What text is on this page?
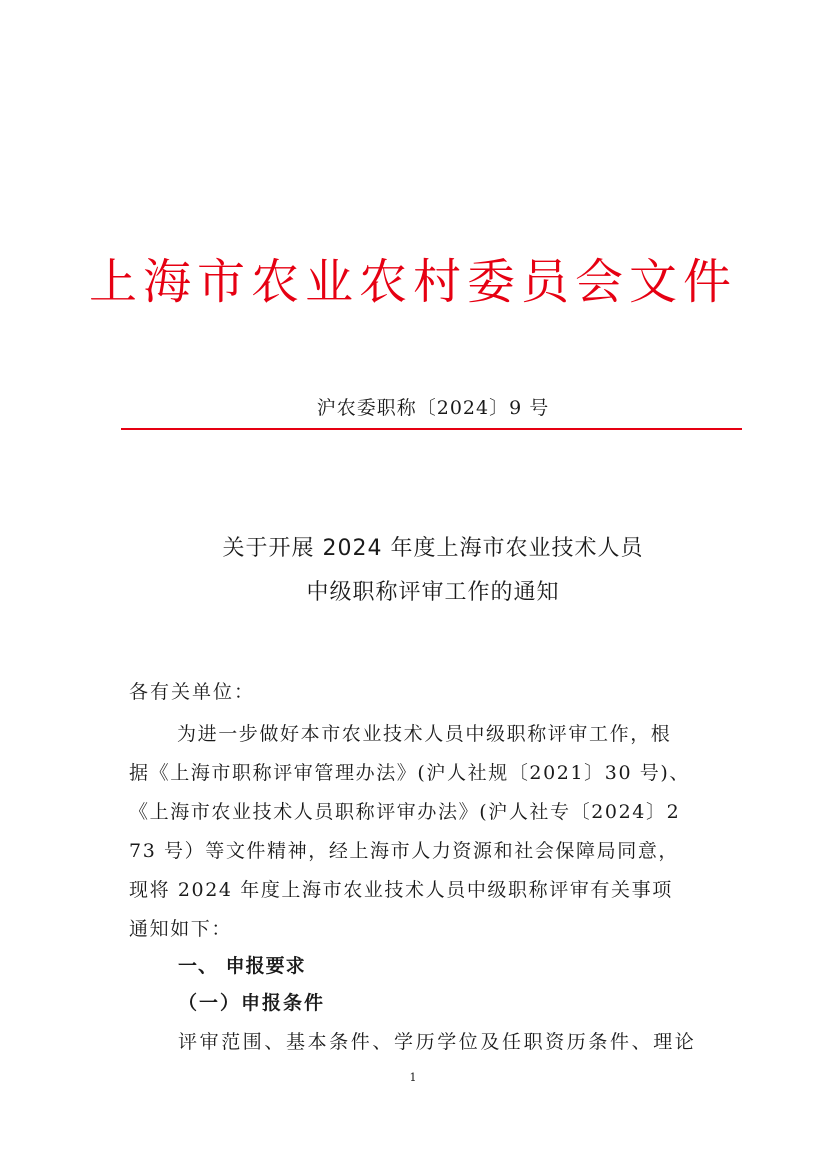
上海市农业农村委员会文件
沪农委职称〔2024〕9 号
关于开展 2024 年度上海市农业技术人员
中级职称评审工作的通知
各有关单位：
为进一步做好本市农业技术人员中级职称评审工作，根
据《上海市职称评审管理办法》(沪人社规〔2021〕30 号)、
《上海市农业技术人员职称评审办法》(沪人社专〔2024〕2
73 号）等文件精神，经上海市人力资源和社会保障局同意，
现将 2024 年度上海市农业技术人员中级职称评审有关事项
通知如下：
一、 申报要求
（一）申报条件
评审范围、基本条件、学历学位及任职资历条件、理论
1
